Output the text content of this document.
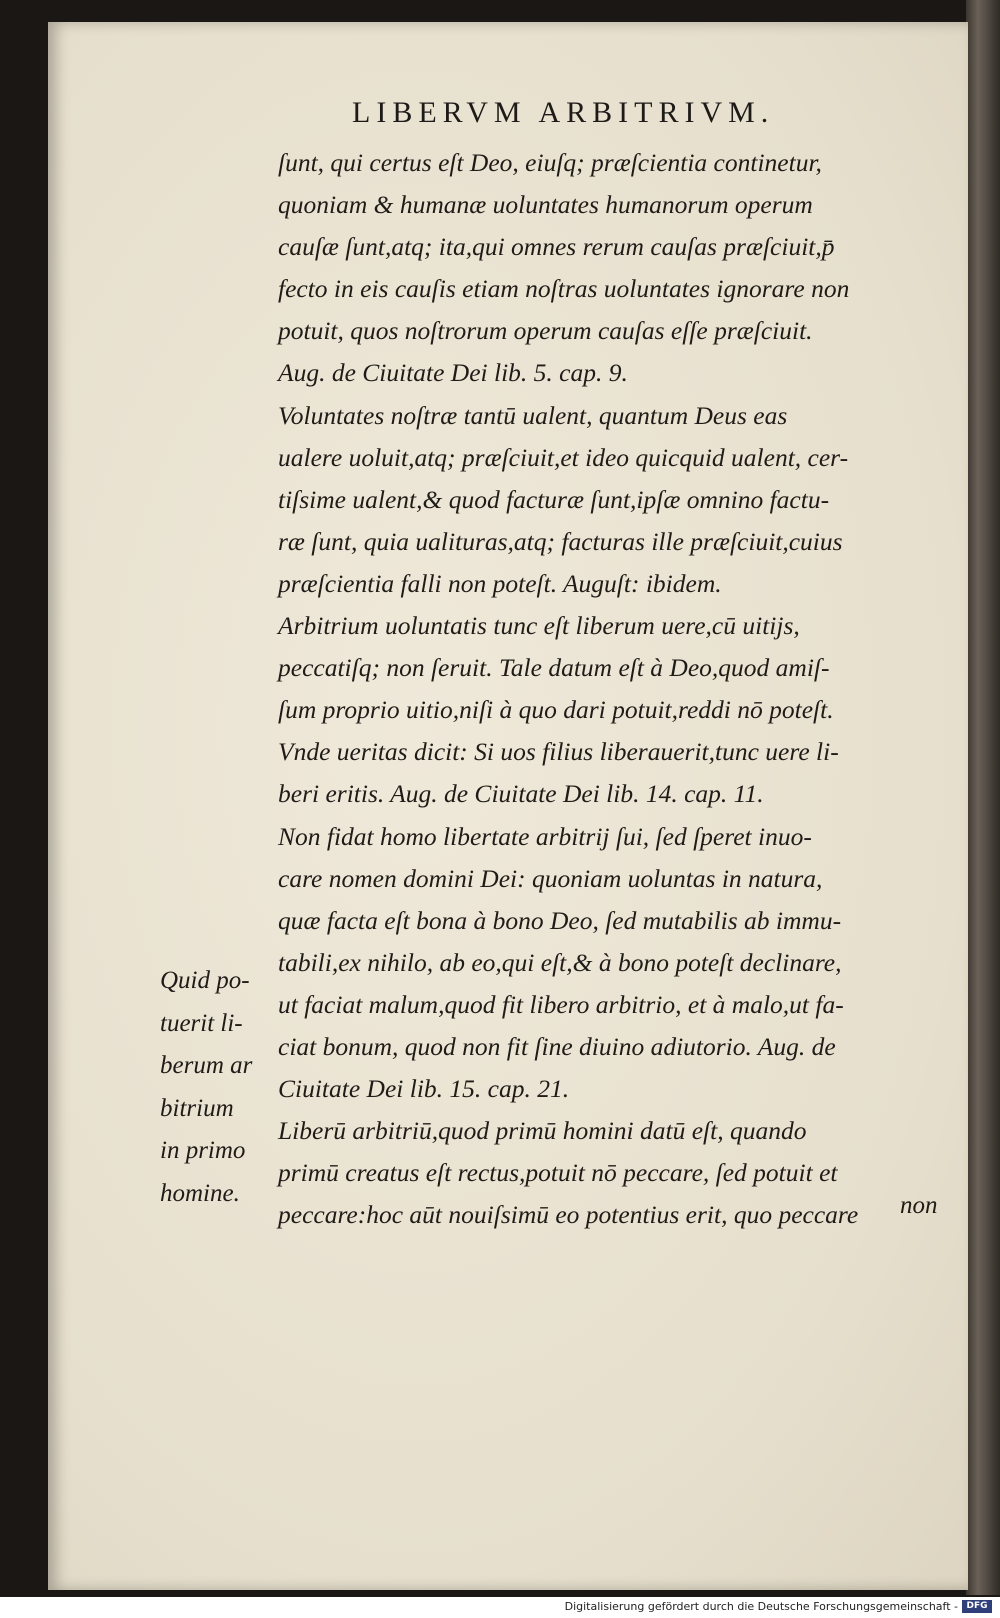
LIBERVM ARBITRIVM.
ſunt, qui certus eſt Deo, eiuſq; præſcientia continetur,
quoniam & humanæ uoluntates humanorum operum
cauſæ ſunt,atq; ita,qui omnes rerum cauſas præſciuit,p̄
fecto in eis cauſis etiam noſtras uoluntates ignorare non
potuit, quos noſtrorum operum cauſas eſſe præſciuit.
Aug. de Ciuitate Dei lib. 5. cap. 9.
Voluntates noſtræ tantū ualent, quantum Deus eas
ualere uoluit,atq; præſciuit,et ideo quicquid ualent, cer-
tiſsime ualent,& quod facturæ ſunt,ipſæ omnino factu-
ræ ſunt, quia ualituras,atq; facturas ille præſciuit,cuius
præſcientia falli non poteſt. Auguſt: ibidem.
Arbitrium uoluntatis tunc eſt liberum uere,cū uitijs,
peccatiſq; non ſeruit. Tale datum eſt à Deo,quod amiſ-
ſum proprio uitio,niſi à quo dari potuit,reddi nō poteſt.
Vnde ueritas dicit: Si uos filius liberauerit,tunc uere li-
beri eritis. Aug. de Ciuitate Dei lib. 14. cap. 11.
Non fidat homo libertate arbitrij ſui, ſed ſperet inuo-
care nomen domini Dei: quoniam uoluntas in natura,
quæ facta eſt bona à bono Deo, ſed mutabilis ab immu-
tabili,ex nihilo, ab eo,qui eſt,& à bono poteſt declinare,
ut faciat malum,quod fit libero arbitrio, et à malo,ut fa-
ciat bonum, quod non fit ſine diuino adiutorio. Aug. de
Ciuitate Dei lib. 15. cap. 21.
Liberū arbitriū,quod primū homini datū eſt, quando
primū creatus eſt rectus,potuit nō peccare, ſed potuit et
peccare:hoc aūt nouiſsimū eo potentius erit, quo peccare
Quid po-
tuerit li-
berum ar
bitrium
in primo
homine.	non
Digitalisierung gefördert durch die Deutsche Forschungsgemeinschaft - DFG
